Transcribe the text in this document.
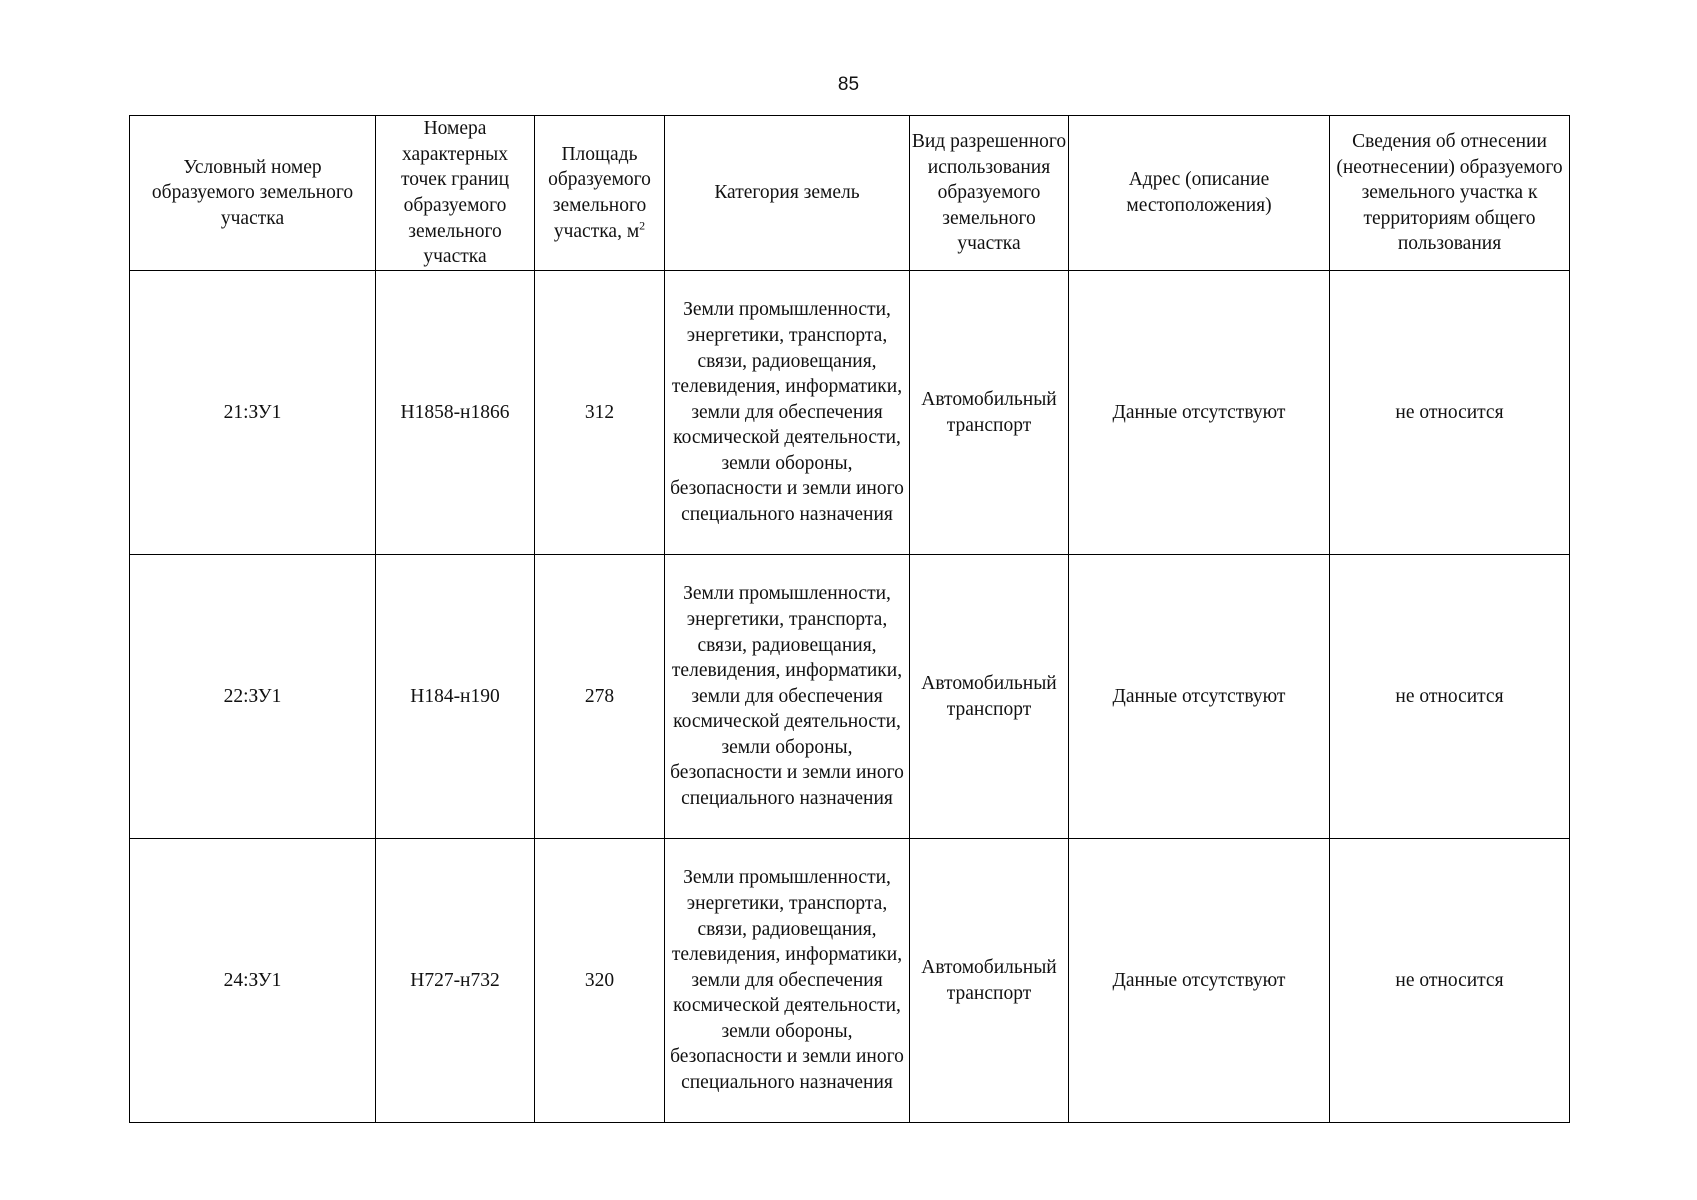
85
Условный номер образуемого земельного участка	Номера характерных точек границ образуемого земельного участка	Площадь образуемого земельного участка, $м^2$	Категория земель	Вид разрешенного использования образуемого земельного участка	Адрес (описание местоположения)	Сведения об отнесении (неотнесении) образуемого земельного участка к территориям общего пользования
21:ЗУ1	Н1858-н1866	312	Земли промышленности, энергетики, транспорта, связи, радиовещания, телевидения, информатики, земли для обеспечения космической деятельности, земли обороны, безопасности и земли иного специального назначения	Автомобильный транспорт	Данные отсутствуют	не относится
22:ЗУ1	Н184-н190	278	Земли промышленности, энергетики, транспорта, связи, радиовещания, телевидения, информатики, земли для обеспечения космической деятельности, земли обороны, безопасности и земли иного специального назначения	Автомобильный транспорт	Данные отсутствуют	не относится
24:ЗУ1	Н727-н732	320	Земли промышленности, энергетики, транспорта, связи, радиовещания, телевидения, информатики, земли для обеспечения космической деятельности, земли обороны, безопасности и земли иного специального назначения	Автомобильный транспорт	Данные отсутствуют	не относится
